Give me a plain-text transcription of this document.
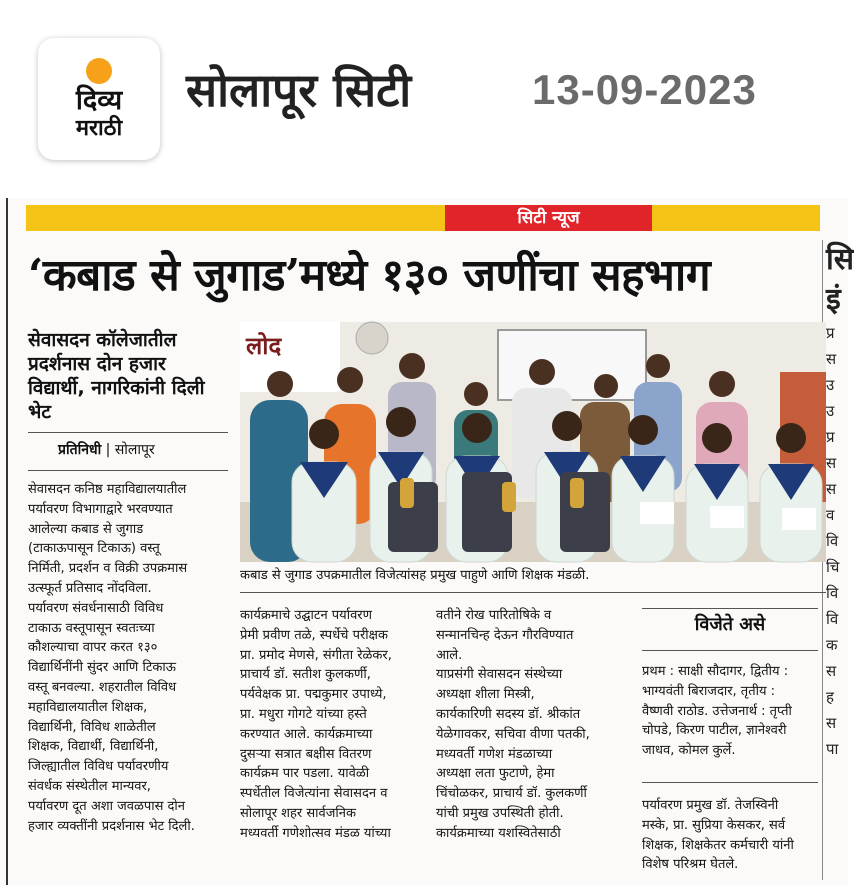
दिव्य
मराठी
सोलापूर सिटी	13-09-2023
सिटी न्यूज
‘कबाड से जुगाड’मध्ये १३० जणींचा सहभाग	सि
इं
प्र
स
उ
उ
प्र
स
स
व
वि
चि
वि
वि
क
स
ह
स
पा
सेवासदन कॉलेजातील प्रदर्शनास दोन हजार विद्यार्थी, नागरिकांनी दिली भेट
प्रतिनिधी | सोलापूर
सेवासदन कनिष्ठ महाविद्यालयातील
पर्यावरण विभागाद्वारे भरवण्यात
आलेल्या कबाड से जुगाड
(टाकाऊपासून टिकाऊ) वस्तू
निर्मिती, प्रदर्शन व विक्री उपक्रमास
उत्स्फूर्त प्रतिसाद नोंदविला.
पर्यावरण संवर्धनासाठी विविध
टाकाऊ वस्तूपासून स्वतःच्या
कौशल्याचा वापर करत १३०
विद्यार्थिनींनी सुंदर आणि टिकाऊ
वस्तू बनवल्या. शहरातील विविध
महाविद्यालयातील शिक्षक,
विद्यार्थिनी, विविध शाळेतील
शिक्षक, विद्यार्थी, विद्यार्थिनी,
जिल्ह्यातील विविध पर्यावरणीय
संवर्धक संस्थेतील मान्यवर,
पर्यावरण दूत अशा जवळपास दोन
हजार व्यक्तींनी प्रदर्शनास भेट दिली.
लोद
कबाड से जुगाड उपक्रमातील विजेत्यांसह प्रमुख पाहुणे आणि शिक्षक मंडळी.
कार्यक्रमाचे उद्घाटन पर्यावरण
प्रेमी प्रवीण तळे, स्पर्धेचे परीक्षक
प्रा. प्रमोद मेणसे, संगीता रेळेकर,
प्राचार्य डॉ. सतीश कुलकर्णी,
पर्यवेक्षक प्रा. पद्मकुमार उपाध्ये,
प्रा. मधुरा गोगटे यांच्या हस्ते
करण्यात आले. कार्यक्रमाच्या
दुसऱ्या सत्रात बक्षीस वितरण
कार्यक्रम पार पडला. यावेळी
स्पर्धेतील विजेत्यांना सेवासदन व
सोलापूर शहर सार्वजनिक
मध्यवर्ती गणेशोत्सव मंडळ यांच्या
वतीने रोख पारितोषिके व
सन्मानचिन्ह देऊन गौरविण्यात
आले.
याप्रसंगी सेवासदन संस्थेच्या
अध्यक्षा शीला मिस्त्री,
कार्यकारिणी सदस्य डॉ. श्रीकांत
येळेगावकर, सचिवा वीणा पतकी,
मध्यवर्ती गणेश मंडळाच्या
अध्यक्षा लता फुटाणे, हेमा
चिंचोळकर, प्राचार्य डॉ. कुलकर्णी
यांची प्रमुख उपस्थिती होती.
कार्यक्रमाच्या यशस्वितेसाठी
विजेते असे
प्रथम : साक्षी सौदागर, द्वितीय :
भाग्यवंती बिराजदार, तृतीय :
वैष्णवी राठोड. उत्तेजनार्थ : तृप्ती
चोपडे, किरण पाटील, ज्ञानेश्वरी
जाधव, कोमल कुर्ले.
पर्यावरण प्रमुख डॉ. तेजस्विनी
मस्के, प्रा. सुप्रिया केसकर, सर्व
शिक्षक, शिक्षकेतर कर्मचारी यांनी
विशेष परिश्रम घेतले.
